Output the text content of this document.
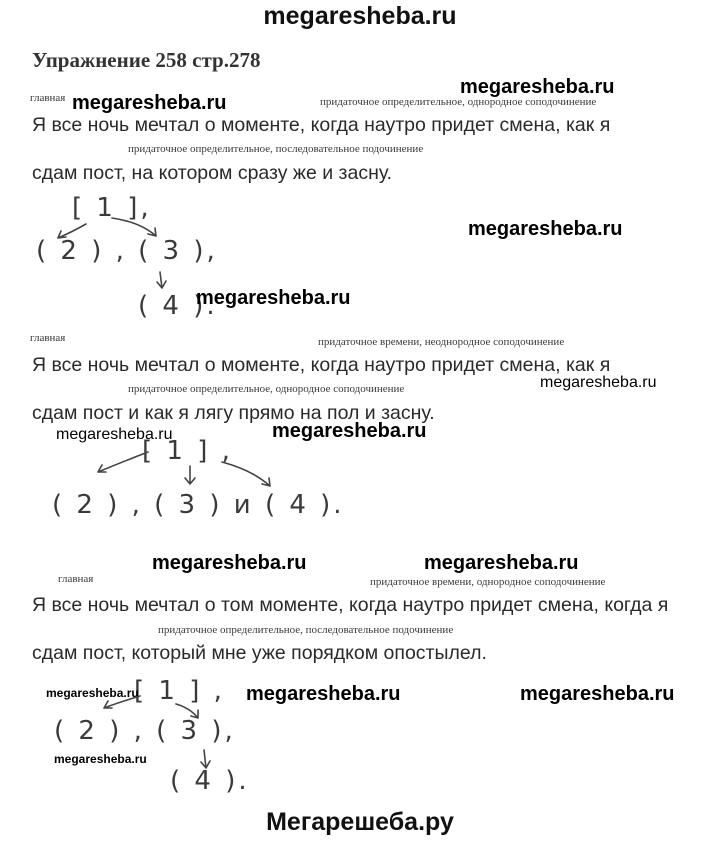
megaresheba.ru
Упражнение 258 стр.278
главная	придаточное определительное, однородное соподочинение
Я все ночь мечтал о моменте, когда наутро придет смена, как я
придаточное определительное, последовательное подочинение
сдам пост, на котором сразу же и засну.
[ 1 ],
( 2 ) , ( 3 ),
( 4 ).
главная	придаточное времени, неоднородное соподочинение
Я все ночь мечтал о моменте, когда наутро придет смена, как я
придаточное определительное, однородное соподочинение
сдам пост и как я лягу прямо на пол и засну.
[ 1 ] ,
( 2 ) , ( 3 ) и ( 4 ).
главная	придаточное времени, однородное соподочинение
Я все ночь мечтал о том моменте, когда наутро придет смена, когда я
придаточное определительное, последовательное подочинение
сдам пост, который мне уже порядком опостылел.
[ 1 ] ,
( 2 ) , ( 3 ),
( 4 ).
megaresheba.ru
megaresheba.ru
megaresheba.ru
megaresheba.ru
megaresheba.ru
megaresheba.ru	megaresheba.ru
megaresheba.ru	megaresheba.ru
megaresheba.ru	megaresheba.ru	megaresheba.ru
megaresheba.ru
Мегарешеба.ру
